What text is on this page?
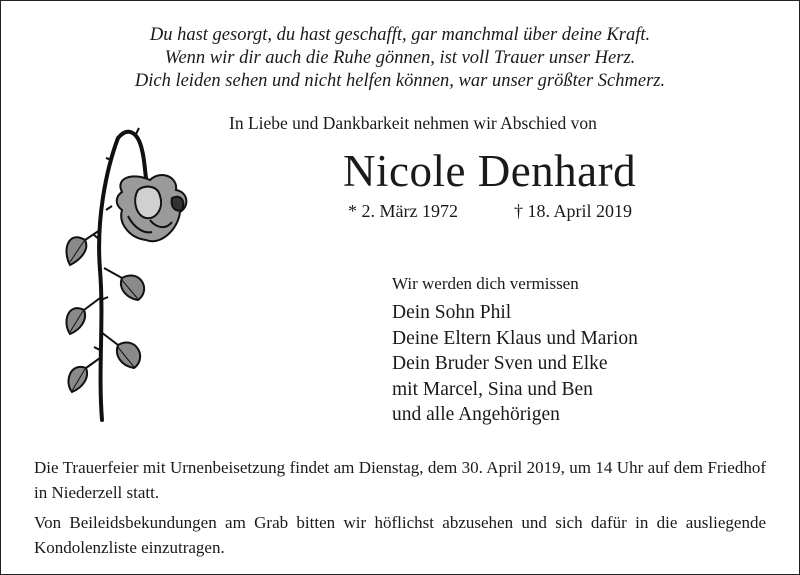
Du hast gesorgt, du hast geschafft, gar manchmal über deine Kraft.
Wenn wir dir auch die Ruhe gönnen, ist voll Trauer unser Herz.
Dich leiden sehen und nicht helfen können, war unser größter Schmerz.
In Liebe und Dankbarkeit nehmen wir Abschied von
Nicole Denhard
* 2. März 1972	† 18. April 2019
Wir werden dich vermissen
Dein Sohn Phil
Deine Eltern Klaus und Marion
Dein Bruder Sven und Elke
mit Marcel, Sina und Ben
und alle Angehörigen
Die Trauerfeier mit Urnenbeisetzung findet am Dienstag, dem 30. April 2019, um 14 Uhr auf dem Friedhof in Niederzell statt.
Von Beileidsbekundungen am Grab bitten wir höflichst abzusehen und sich dafür in die ausliegende Kondolenzliste einzutragen.
